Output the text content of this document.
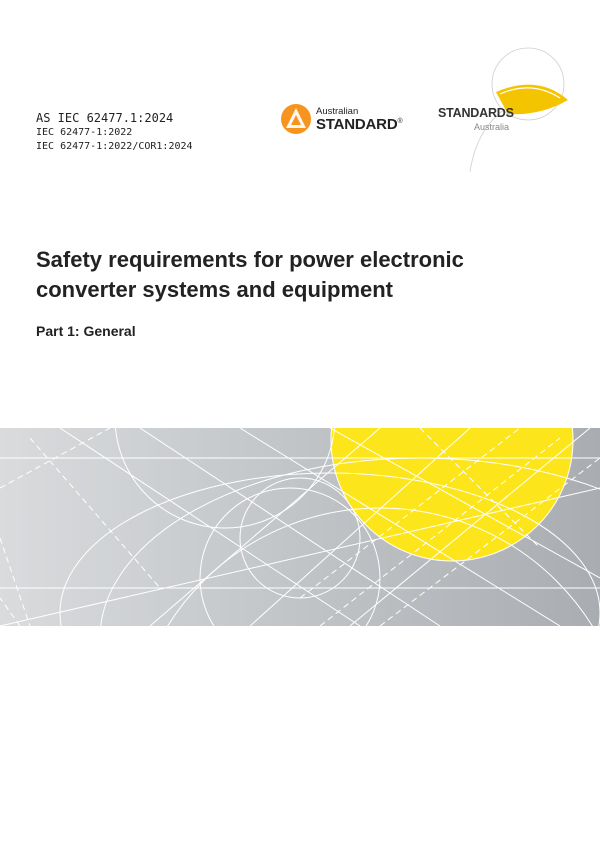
AS IEC 62477.1:2024
IEC 62477-1:2022
IEC 62477-1:2022/COR1:2024
Australian
STANDARD®
STANDARDS
Australia
Safety requirements for power electronic converter systems and equipment
Part 1: General
